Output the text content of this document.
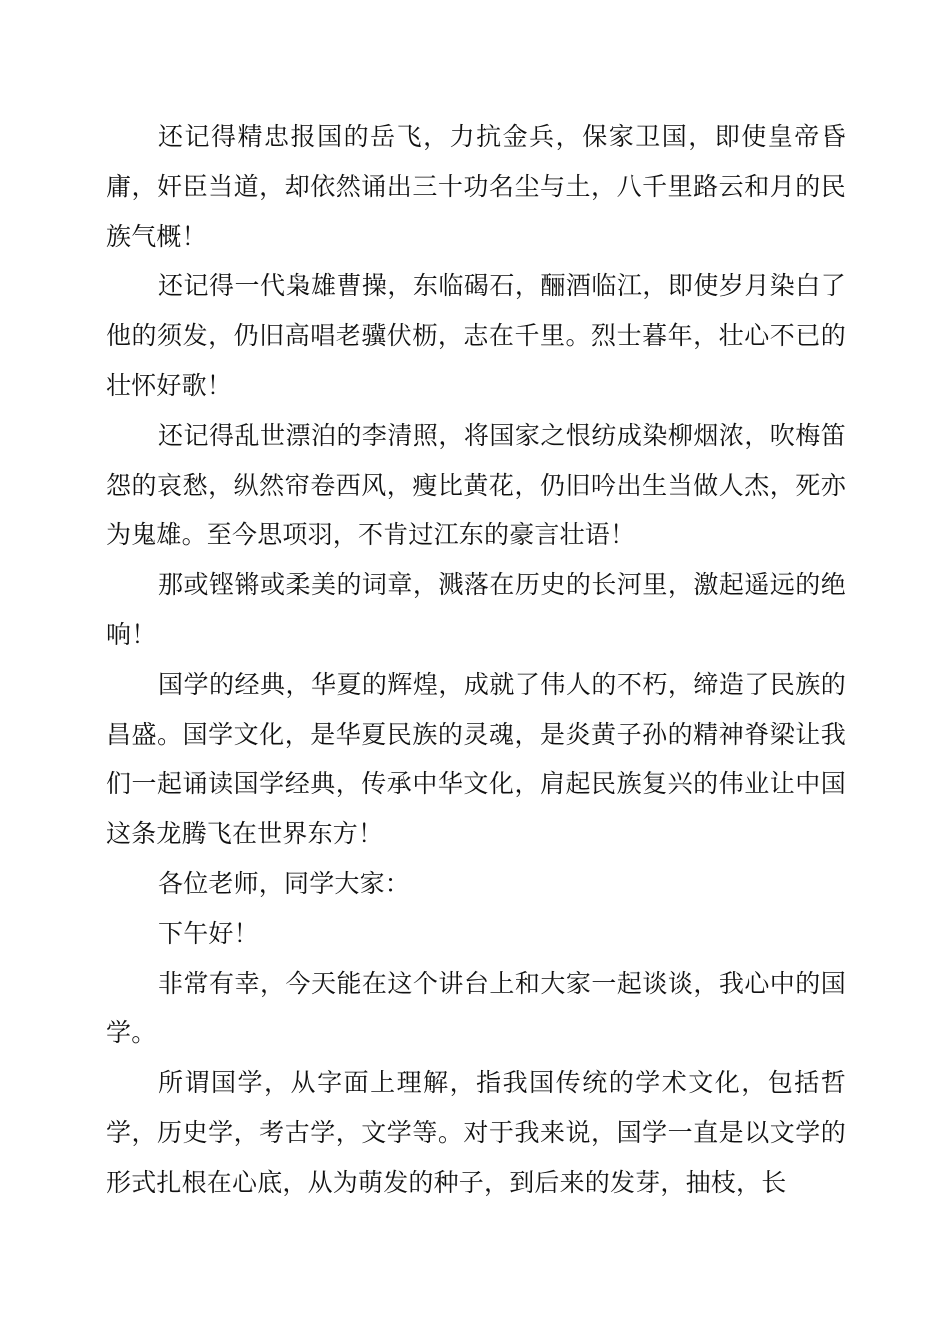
还记得精忠报国的岳飞，力抗金兵，保家卫国，即使皇帝昏庸，奸臣当道，却依然诵出三十功名尘与土，八千里路云和月的民族气概！

还记得一代枭雄曹操，东临碣石，酾酒临江，即使岁月染白了他的须发，仍旧高唱老骥伏枥，志在千里。烈士暮年，壮心不已的壮怀好歌！

还记得乱世漂泊的李清照，将国家之恨纺成染柳烟浓，吹梅笛怨的哀愁，纵然帘卷西风，瘦比黄花，仍旧吟出生当做人杰，死亦为鬼雄。至今思项羽，不肯过江东的豪言壮语！

那或铿锵或柔美的词章，溅落在历史的长河里，激起遥远的绝响！

国学的经典，华夏的辉煌，成就了伟人的不朽，缔造了民族的昌盛。国学文化，是华夏民族的灵魂，是炎黄子孙的精神脊梁让我们一起诵读国学经典，传承中华文化，肩起民族复兴的伟业让中国这条龙腾飞在世界东方！

各位老师，同学大家：

下午好！

非常有幸，今天能在这个讲台上和大家一起谈谈，我心中的国学。

所谓国学，从字面上理解，指我国传统的学术文化，包括哲学，历史学，考古学，文学等。对于我来说，国学一直是以文学的形式扎根在心底，从为萌发的种子，到后来的发芽，抽枝，长
